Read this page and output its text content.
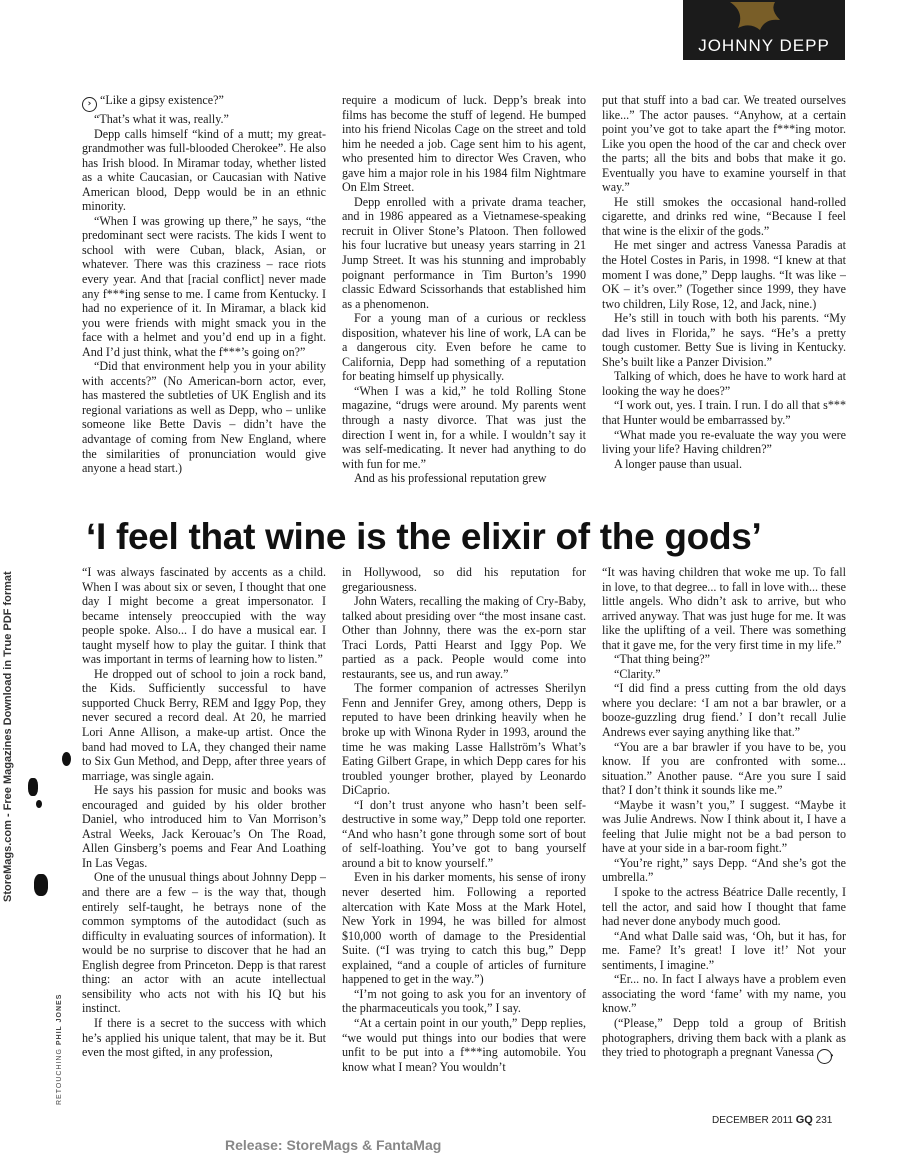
JOHNNY DEPP
StoreMags.com - Free Magazines Download in True PDF format
RETOUCHING PHIL JONES

› “Like a gipsy existence?”

“That’s what it was, really.”

Depp calls himself “kind of a mutt; my great-grandmother was full-blooded Cherokee”. He also has Irish blood. In Miramar today, whether listed as a white Caucasian, or Caucasian with Native American blood, Depp would be in an ethnic minority.

“When I was growing up there,” he says, “the predominant sect were racists. The kids I went to school with were Cuban, black, Asian, or whatever. There was this craziness – race riots every year. And that [racial conflict] never made any f***ing sense to me. I came from Kentucky. I had no experience of it. In Miramar, a black kid you were friends with might smack you in the face with a helmet and you’d end up in a fight. And I’d just think, what the f***’s going on?”

“Did that environment help you in your ability with accents?” (No American-born actor, ever, has mastered the subtleties of UK English and its regional variations as well as Depp, who – unlike someone like Bette Davis – didn’t have the advantage of coming from New England, where the similarities of pronunciation would give anyone a head start.)

require a modicum of luck. Depp’s break into films has become the stuff of legend. He bumped into his friend Nicolas Cage on the street and told him he needed a job. Cage sent him to his agent, who presented him to director Wes Craven, who gave him a major role in his 1984 film Nightmare On Elm Street.

Depp enrolled with a private drama teacher, and in 1986 appeared as a Vietnamese-speaking recruit in Oliver Stone’s Platoon. Then followed his four lucrative but uneasy years starring in 21 Jump Street. It was his stunning and improbably poignant performance in Tim Burton’s 1990 classic Edward Scissorhands that established him as a phenomenon.

For a young man of a curious or reckless disposition, whatever his line of work, LA can be a dangerous city. Even before he came to California, Depp had something of a reputation for beating himself up physically.

“When I was a kid,” he told Rolling Stone magazine, “drugs were around. My parents went through a nasty divorce. That was just the direction I went in, for a while. I wouldn’t say it was self-medicating. It never had anything to do with fun for me.”

And as his professional reputation grew

put that stuff into a bad car. We treated ourselves like...” The actor pauses. “Anyhow, at a certain point you’ve got to take apart the f***ing motor. Like you open the hood of the car and check over the parts; all the bits and bobs that make it go. Eventually you have to examine yourself in that way.”

He still smokes the occasional hand-rolled cigarette, and drinks red wine, “Because I feel that wine is the elixir of the gods.”

He met singer and actress Vanessa Paradis at the Hotel Costes in Paris, in 1998. “I knew at that moment I was done,” Depp laughs. “It was like – OK – it’s over.” (Together since 1999, they have two children, Lily Rose, 12, and Jack, nine.)

He’s still in touch with both his parents. “My dad lives in Florida,” he says. “He’s a pretty tough customer. Betty Sue is living in Kentucky. She’s built like a Panzer Division.”

Talking of which, does he have to work hard at looking the way he does?”

“I work out, yes. I train. I run. I do all that s*** that Hunter would be embarrassed by.”

“What made you re-evaluate the way you were living your life? Having children?”

A longer pause than usual.

‘I feel that wine is the elixir of the gods’

“I was always fascinated by accents as a child. When I was about six or seven, I thought that one day I might become a great impersonator. I became intensely preoccupied with the way people spoke. Also... I do have a musical ear. I taught myself how to play the guitar. I think that was important in terms of learning how to listen.”

He dropped out of school to join a rock band, the Kids. Sufficiently successful to have supported Chuck Berry, REM and Iggy Pop, they never secured a record deal. At 20, he married Lori Anne Allison, a make-up artist. Once the band had moved to LA, they changed their name to Six Gun Method, and Depp, after three years of marriage, was single again.

He says his passion for music and books was encouraged and guided by his older brother Daniel, who introduced him to Van Morrison’s Astral Weeks, Jack Kerouac’s On The Road, Allen Ginsberg’s poems and Fear And Loathing In Las Vegas.

One of the unusual things about Johnny Depp – and there are a few – is the way that, though entirely self-taught, he betrays none of the common symptoms of the autodidact (such as difficulty in evaluating sources of information). It would be no surprise to discover that he had an English degree from Princeton. Depp is that rarest thing: an actor with an acute intellectual sensibility who acts not with his IQ but his instinct.

If there is a secret to the success with which he’s applied his unique talent, that may be it. But even the most gifted, in any profession,

in Hollywood, so did his reputation for gregariousness.

John Waters, recalling the making of Cry-Baby, talked about presiding over “the most insane cast. Other than Johnny, there was the ex-porn star Traci Lords, Patti Hearst and Iggy Pop. We partied as a pack. People would come into restaurants, see us, and run away.”

The former companion of actresses Sherilyn Fenn and Jennifer Grey, among others, Depp is reputed to have been drinking heavily when he broke up with Winona Ryder in 1993, around the time he was making Lasse Hallström’s What’s Eating Gilbert Grape, in which Depp cares for his troubled younger brother, played by Leonardo DiCaprio.

“I don’t trust anyone who hasn’t been self-destructive in some way,” Depp told one reporter. “And who hasn’t gone through some sort of bout of self-loathing. You’ve got to bang yourself around a bit to know yourself.”

Even in his darker moments, his sense of irony never deserted him. Following a reported altercation with Kate Moss at the Mark Hotel, New York in 1994, he was billed for almost $10,000 worth of damage to the Presidential Suite. (“I was trying to catch this bug,” Depp explained, “and a couple of articles of furniture happened to get in the way.”)

“I’m not going to ask you for an inventory of the pharmaceuticals you took,” I say.

“At a certain point in our youth,” Depp replies, “we would put things into our bodies that were unfit to be put into a f***ing automobile. You know what I mean? You wouldn’t

“It was having children that woke me up. To fall in love, to that degree... to fall in love with... these little angels. Who didn’t ask to arrive, but who arrived anyway. That was just huge for me. It was like the uplifting of a veil. There was something that it gave me, for the very first time in my life.”

“That thing being?”

“Clarity.”

“I did find a press cutting from the old days where you declare: ‘I am not a bar brawler, or a booze-guzzling drug fiend.’ I don’t recall Julie Andrews ever saying anything like that.”

“You are a bar brawler if you have to be, you know. If you are confronted with some... situation.” Another pause. “Are you sure I said that? I don’t think it sounds like me.”

“Maybe it wasn’t you,” I suggest. “Maybe it was Julie Andrews. Now I think about it, I have a feeling that Julie might not be a bad person to have at your side in a bar-room fight.”

“You’re right,” says Depp. “And she’s got the umbrella.”

I spoke to the actress Béatrice Dalle recently, I tell the actor, and said how I thought that fame had never done anybody much good.

“And what Dalle said was, ‘Oh, but it has, for me. Fame? It’s great! I love it!’ Not your sentiments, I imagine.”

“Er... no. In fact I always have a problem even associating the word ‘fame’ with my name, you know.”

(“Please,” Depp told a group of British photographers, driving them back with a plank as they tried to photograph a pregnant Vanessa ›

DECEMBER 2011 GQ 231
Release: StoreMags & FantaMag
